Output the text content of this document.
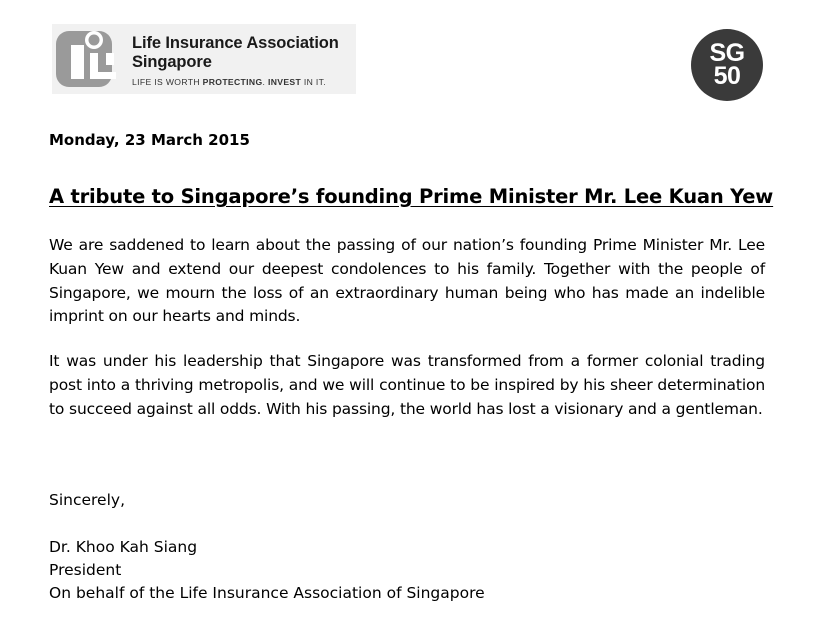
Life Insurance Association
Singapore
LIFE IS WORTH PROTECTING. INVEST IN IT.
SG
50
Monday, 23 March 2015
A tribute to Singapore’s founding Prime Minister Mr. Lee Kuan Yew

We are saddened to learn about the passing of our nation’s founding Prime Minister Mr. Lee Kuan Yew and extend our deepest condolences to his family. Together with the people of Singapore, we mourn the loss of an extraordinary human being who has made an indelible imprint on our hearts and minds.

It was under his leadership that Singapore was transformed from a former colonial trading post into a thriving metropolis, and we will continue to be inspired by his sheer determination to succeed against all odds. With his passing, the world has lost a visionary and a gentleman.

Sincerely,
Dr. Khoo Kah Siang
President
On behalf of the Life Insurance Association of Singapore
